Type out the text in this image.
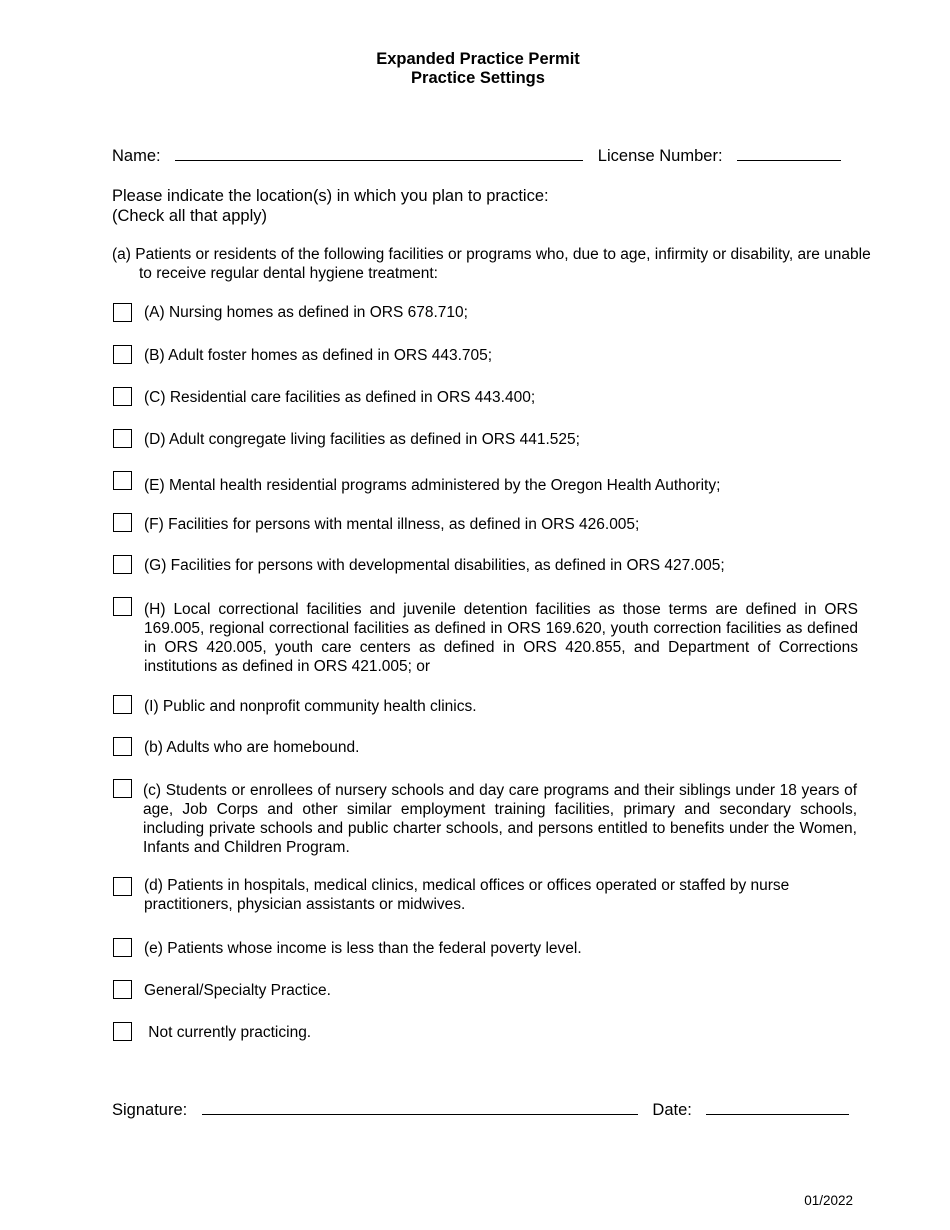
Expanded Practice Permit
Practice Settings
Name:	License Number:
Please indicate the location(s) in which you plan to practice:
(Check all that apply)
(a) Patients or residents of the following facilities or programs who, due to age, infirmity or disability, are unable to receive regular dental hygiene treatment:
(A) Nursing homes as defined in ORS 678.710;
(B) Adult foster homes as defined in ORS 443.705;
(C) Residential care facilities as defined in ORS 443.400;
(D) Adult congregate living facilities as defined in ORS 441.525;
(E) Mental health residential programs administered by the Oregon Health Authority;
(F) Facilities for persons with mental illness, as defined in ORS 426.005;
(G) Facilities for persons with developmental disabilities, as defined in ORS 427.005;
(H) Local correctional facilities and juvenile detention facilities as those terms are defined in ORS 169.005, regional correctional facilities as defined in ORS 169.620, youth correction facilities as defined in ORS 420.005, youth care centers as defined in ORS 420.855, and Department of Corrections institutions as defined in ORS 421.005; or
(I) Public and nonprofit community health clinics.
(b) Adults who are homebound.
(c) Students or enrollees of nursery schools and day care programs and their siblings under 18 years of age, Job Corps and other similar employment training facilities, primary and secondary schools, including private schools and public charter schools, and persons entitled to benefits under the Women, Infants and Children Program.
(d) Patients in hospitals, medical clinics, medical offices or offices operated or staffed by nurse practitioners, physician assistants or midwives.
(e) Patients whose income is less than the federal poverty level.
General/Specialty Practice.
Not currently practicing.
Signature:	Date:
01/2022
